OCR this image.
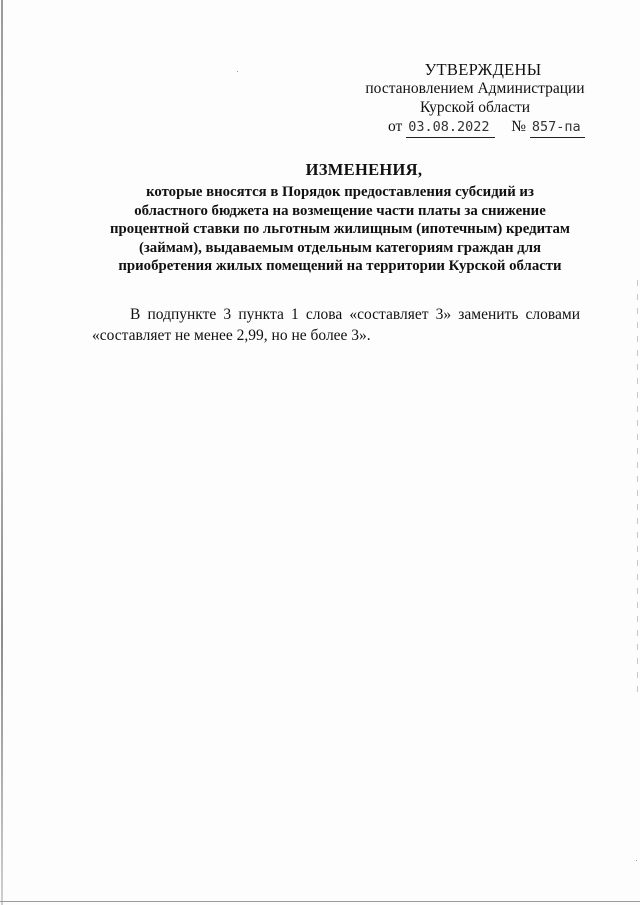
УТВЕРЖДЕНЫ
постановлением Администрации
Курской области
от 03.08.2022 № 857-па
ИЗМЕНЕНИЯ,
которые вносятся в Порядок предоставления субсидий из
областного бюджета на возмещение части платы за снижение
процентной ставки по льготным жилищным (ипотечным) кредитам
(займам), выдаваемым отдельным категориям граждан для
приобретения жилых помещений на территории Курской области
В подпункте 3 пункта 1 слова «составляет 3» заменить словами
«составляет не менее 2,99, но не более 3».
